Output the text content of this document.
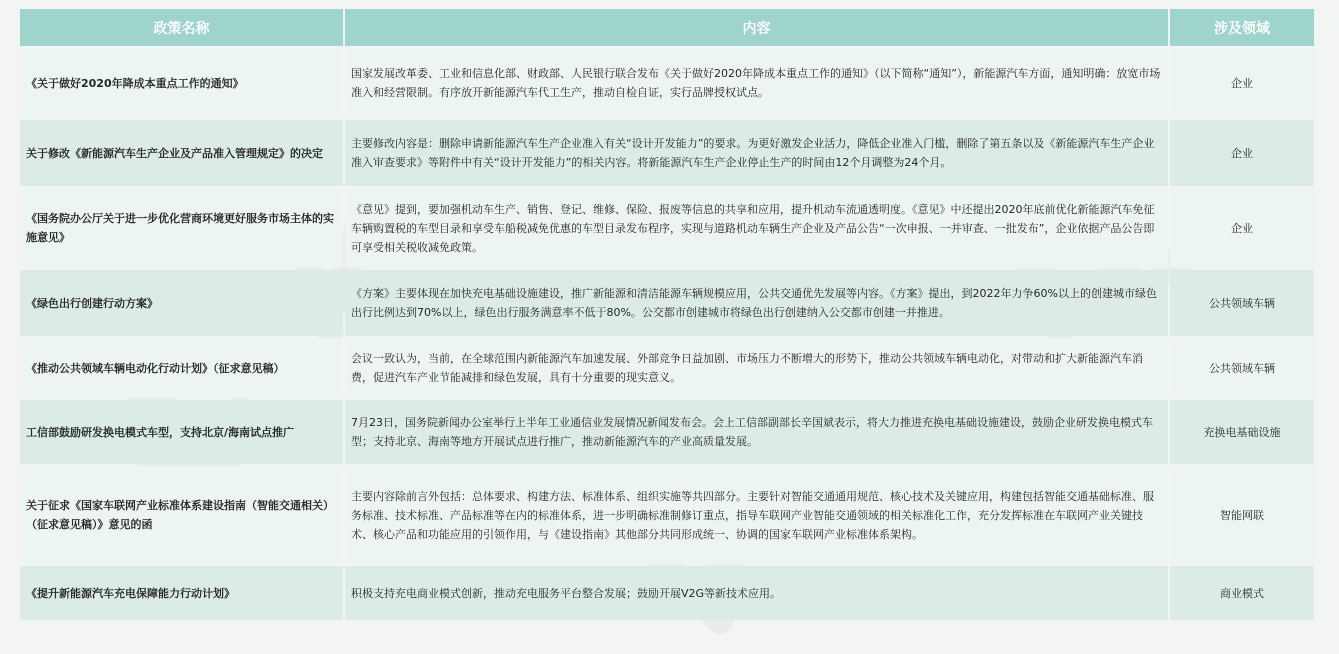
政策名称	内容	涉及领域
《关于做好2020年降成本重点工作的通知》	国家发展改革委、工业和信息化部、财政部、人民银行联合发布《关于做好2020年降成本重点工作的通知》（以下简称“通知”），新能源汽车方面，通知明确：放宽市场准入和经营限制。有序放开新能源汽车代工生产，推动自检自证，实行品牌授权试点。	企业
关于修改《新能源汽车生产企业及产品准入管理规定》的决定	主要修改内容是：删除申请新能源汽车生产企业准入有关“设计开发能力”的要求。为更好激发企业活力，降低企业准入门槛，删除了第五条以及《新能源汽车生产企业准入审查要求》等附件中有关“设计开发能力”的相关内容。将新能源汽车生产企业停止生产的时间由12个月调整为24个月。	企业
《国务院办公厅关于进一步优化营商环境更好服务市场主体的实施意见》	《意见》提到，要加强机动车生产、销售、登记、维修、保险、报废等信息的共享和应用，提升机动车流通透明度。《意见》中还提出2020年底前优化新能源汽车免征车辆购置税的车型目录和享受车船税减免优惠的车型目录发布程序，实现与道路机动车辆生产企业及产品公告“一次申报、一并审查、一批发布”，企业依据产品公告即可享受相关税收减免政策。	企业
《绿色出行创建行动方案》	《方案》主要体现在加快充电基础设施建设，推广新能源和清洁能源车辆规模应用，公共交通优先发展等内容。《方案》提出，到2022年力争60%以上的创建城市绿色出行比例达到70%以上，绿色出行服务满意率不低于80%。公交都市创建城市将绿色出行创建纳入公交都市创建一并推进。	公共领域车辆
《推动公共领域车辆电动化行动计划》（征求意见稿）	会议一致认为，当前，在全球范围内新能源汽车加速发展、外部竞争日益加剧、市场压力不断增大的形势下，推动公共领域车辆电动化，对带动和扩大新能源汽车消费，促进汽车产业节能减排和绿色发展，具有十分重要的现实意义。	公共领域车辆
工信部鼓励研发换电模式车型，支持北京/海南试点推广	7月23日，国务院新闻办公室举行上半年工业通信业发展情况新闻发布会。会上工信部副部长辛国斌表示，将大力推进充换电基础设施建设，鼓励企业研发换电模式车型；支持北京、海南等地方开展试点进行推广，推动新能源汽车的产业高质量发展。	充换电基础设施
关于征求《国家车联网产业标准体系建设指南（智能交通相关）（征求意见稿）》意见的函	主要内容除前言外包括：总体要求、构建方法、标准体系、组织实施等共四部分。主要针对智能交通通用规范、核心技术及关键应用，构建包括智能交通基础标准、服务标准、技术标准、产品标准等在内的标准体系，进一步明确标准制修订重点，指导车联网产业智能交通领域的相关标准化工作，充分发挥标准在车联网产业关键技术、核心产品和功能应用的引领作用，与《建设指南》其他部分共同形成统一、协调的国家车联网产业标准体系架构。	智能网联
《提升新能源汽车充电保障能力行动计划》	积极支持充电商业模式创新，推动充电服务平台整合发展；鼓励开展V2G等新技术应用。	商业模式
